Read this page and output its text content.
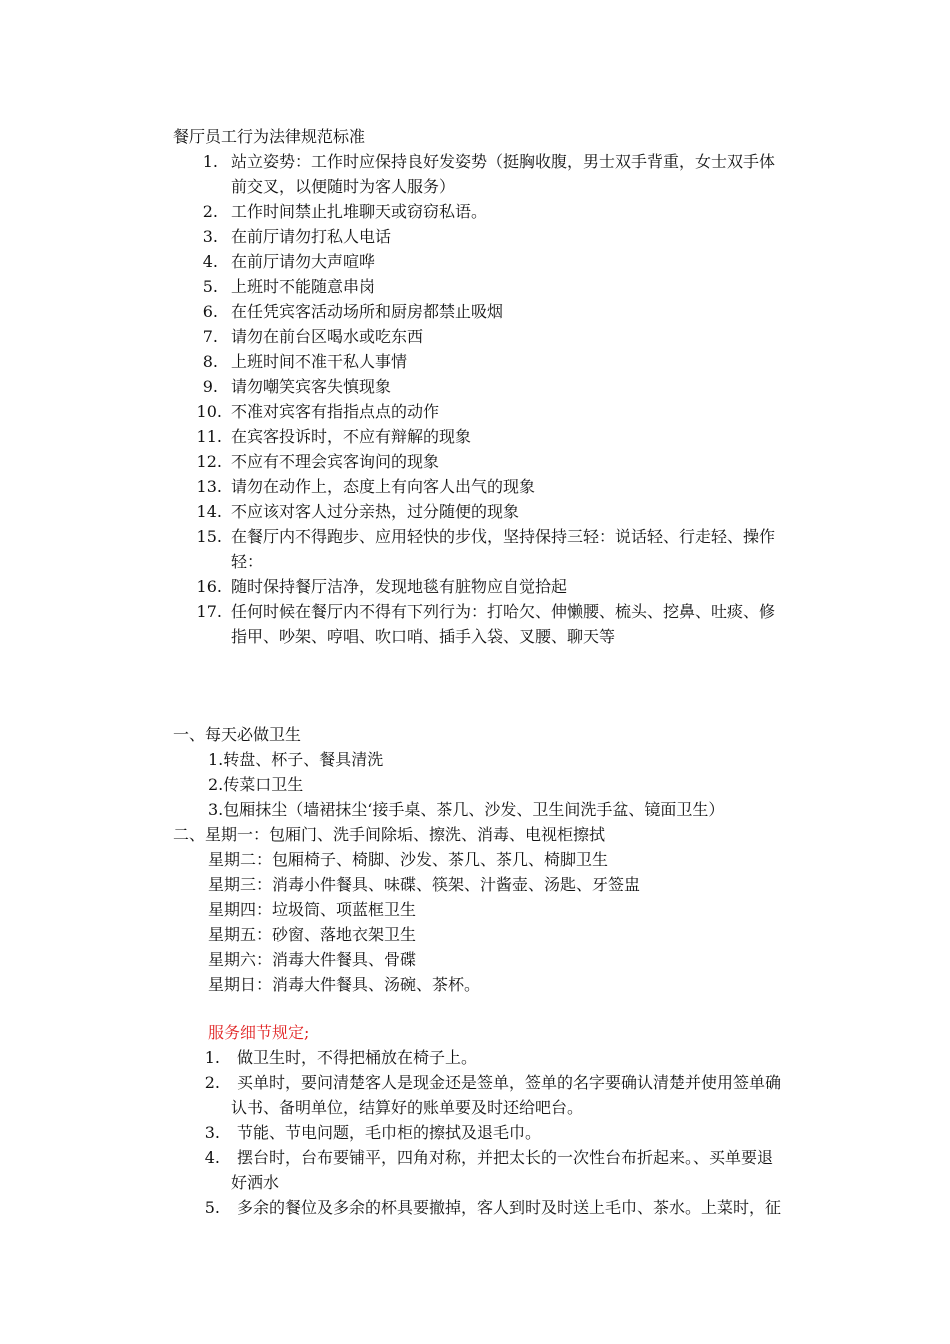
餐厅员工行为法律规范标准
1. 站立姿势：工作时应保持良好发姿势（挺胸收腹，男士双手背重，女士双手体
前交叉，以便随时为客人服务）
2. 工作时间禁止扎堆聊天或窃窃私语。
3. 在前厅请勿打私人电话
4. 在前厅请勿大声喧哗
5. 上班时不能随意串岗
6. 在任凭宾客活动场所和厨房都禁止吸烟
7. 请勿在前台区喝水或吃东西
8. 上班时间不准干私人事情
9. 请勿嘲笑宾客失慎现象
10. 不准对宾客有指指点点的动作
11. 在宾客投诉时，不应有辩解的现象
12. 不应有不理会宾客询问的现象
13. 请勿在动作上，态度上有向客人出气的现象
14. 不应该对客人过分亲热，过分随便的现象
15. 在餐厅内不得跑步、应用轻快的步伐，坚持保持三轻：说话轻、行走轻、操作
轻：
16. 随时保持餐厅洁净，发现地毯有脏物应自觉拾起
17. 任何时候在餐厅内不得有下列行为：打哈欠、伸懒腰、梳头、挖鼻、吐痰、修
指甲、吵架、哼唱、吹口哨、插手入袋、叉腰、聊天等
一、每天必做卫生
1.转盘、杯子、餐具清洗
2.传菜口卫生
3.包厢抹尘（墙裙抹尘‘接手桌、茶几、沙发、卫生间洗手盆、镜面卫生）
二、星期一：包厢门、洗手间除垢、擦洗、消毒、电视柜擦拭
星期二：包厢椅子、椅脚、沙发、茶几、茶几、椅脚卫生
星期三：消毒小件餐具、味碟、筷架、汁酱壶、汤匙、牙签盅
星期四：垃圾筒、项蓝框卫生
星期五：砂窗、落地衣架卫生
星期六：消毒大件餐具、骨碟
星期日：消毒大件餐具、汤碗、茶杯。
服务细节规定;
1. 做卫生时，不得把桶放在椅子上。
2. 买单时，要问清楚客人是现金还是签单，签单的名字要确认清楚并使用签单确
认书、备明单位，结算好的账单要及时还给吧台。
3. 节能、节电问题，毛巾柜的擦拭及退毛巾。
4. 摆台时，台布要铺平，四角对称，并把太长的一次性台布折起来。、买单要退
好洒水
5. 多余的餐位及多余的杯具要撤掉，客人到时及时送上毛巾、茶水。上菜时，征
